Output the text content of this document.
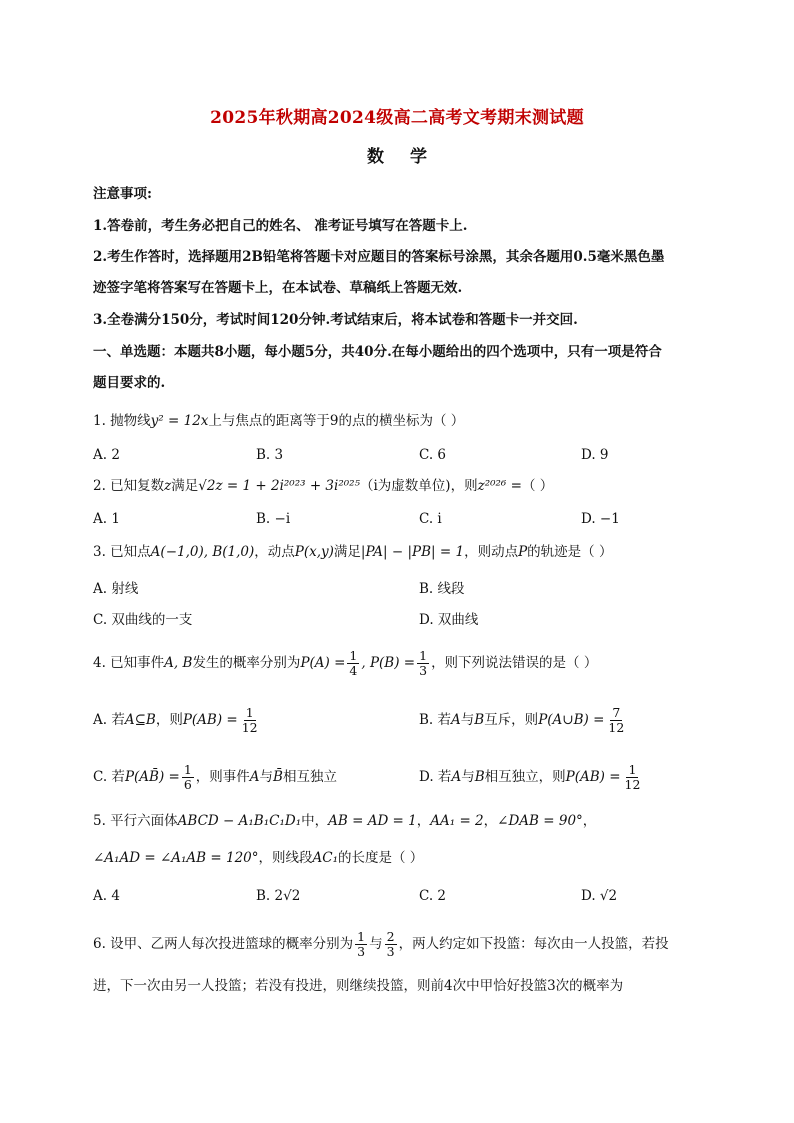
2025年秋期高2024级高二高考文考期末测试题
数学
注意事项:
1.答卷前，考生务必把自己的姓名、 准考证号填写在答题卡上.
2.考生作答时，选择题用2B铅笔将答题卡对应题目的答案标号涂黑，其余各题用0.5毫米黑色墨
迹签字笔将答案写在答题卡上，在本试卷、草稿纸上答题无效.
3.全卷满分150分，考试时间120分钟.考试结束后，将本试卷和答题卡一并交回.
一、单选题：本题共8小题，每小题5分，共40分.在每小题给出的四个选项中，只有一项是符合
题目要求的.
1. 抛物线y² = 12x上与焦点的距离等于9的点的横坐标为（ ）
A. 2	B. 3	C. 6	D. 9
2. 已知复数z满足√2z = 1 + 2i²⁰²³ + 3i²⁰²⁵（i为虚数单位)，则z²⁰²⁶ =（ ）
A. 1	B. −i	C. i	D. −1
3. 已知点A(−1,0), B(1,0)，动点P(x,y)满足|PA| − |PB| = 1，则动点P的轨迹是（ ）
A. 射线	B. 线段
C. 双曲线的一支	D. 双曲线
4. 已知事件A, B发生的概率分别为$P(A) = \frac{1}{4}$ , $P(B) = \frac{1}{3}$ ，则下列说法错误的是（ ）
A. 若A⊆B，则$P(AB) = \frac{1}{12}$	B. 若A与B互斥，则P(A∪B) = $\frac{7}{12}$
C. 若P(AB̄) = $\frac{1}{6}$ ，则事件A与B̄相互独立	D. 若A与B相互独立，则$P(AB) = \frac{1}{12}$
5. 平行六面体ABCD − A₁B₁C₁D₁中，AB = AD = 1，AA₁ = 2，∠DAB = 90°，
∠A₁AD = ∠A₁AB = 120°，则线段AC₁的长度是（ ）
A. 4	B. 2√2	C. 2	D. √2
6. 设甲、乙两人每次投进篮球的概率分别为 $\frac{1}{3}$ 与 $\frac{2}{3}$ ，两人约定如下投篮：每次由一人投篮，若投
进，下一次由另一人投篮；若没有投进，则继续投篮，则前4次中甲恰好投篮3次的概率为
